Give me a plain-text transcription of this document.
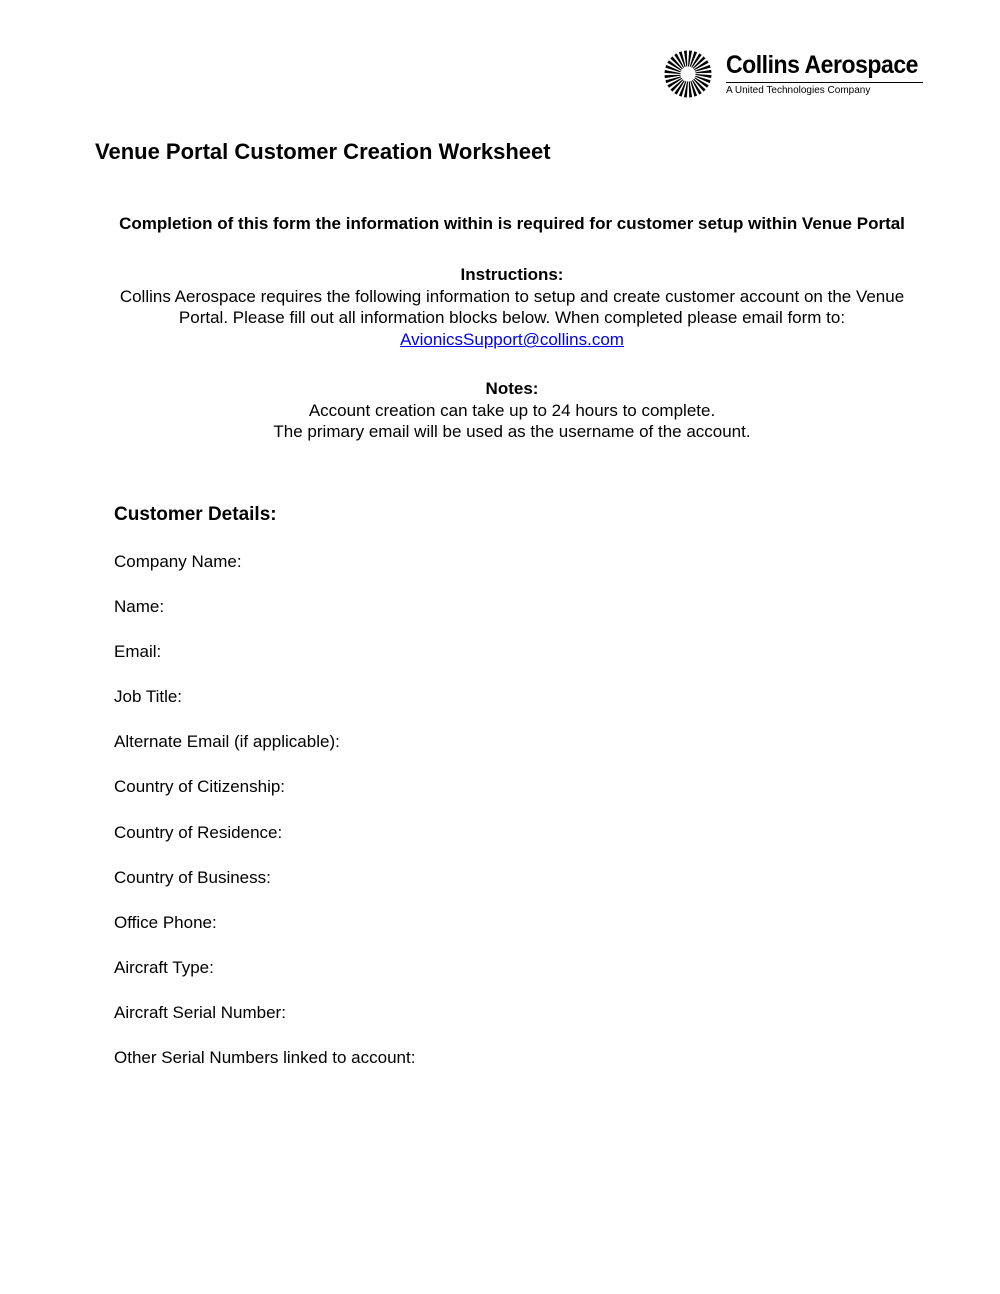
Collins Aerospace
A United Technologies Company
Venue Portal Customer Creation Worksheet

Completion of this form the information within is required for customer setup within Venue Portal

Instructions:
Collins Aerospace requires the following information to setup and create customer account on the Venue
Portal. Please fill out all information blocks below. When completed please email form to:
AvionicsSupport@collins.com
Notes:
Account creation can take up to 24 hours to complete.
The primary email will be used as the username of the account.
Customer Details:
Company Name:
Name:
Email:
Job Title:
Alternate Email (if applicable):
Country of Citizenship:
Country of Residence:
Country of Business:
Office Phone:
Aircraft Type:
Aircraft Serial Number:
Other Serial Numbers linked to account:
